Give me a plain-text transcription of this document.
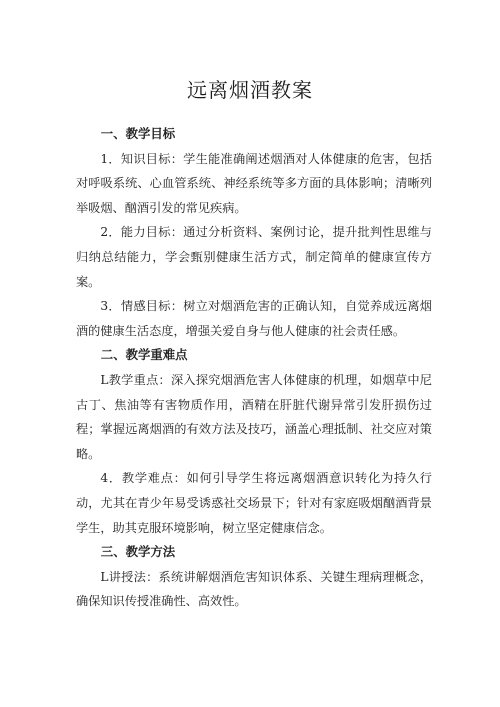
远离烟酒教案
一、教学目标

1．知识目标：学生能准确阐述烟酒对人体健康的危害，包括对呼吸系统、心血管系统、神经系统等多方面的具体影响；清晰列举吸烟、酗酒引发的常见疾病。

2．能力目标：通过分析资料、案例讨论，提升批判性思维与归纳总结能力，学会甄别健康生活方式，制定简单的健康宣传方案。

3．情感目标：树立对烟酒危害的正确认知，自觉养成远离烟酒的健康生活态度，增强关爱自身与他人健康的社会责任感。

二、教学重难点

L教学重点：深入探究烟酒危害人体健康的机理，如烟草中尼古丁、焦油等有害物质作用，酒精在肝脏代谢异常引发肝损伤过程；掌握远离烟酒的有效方法及技巧，涵盖心理抵制、社交应对策略。

4．教学难点：如何引导学生将远离烟酒意识转化为持久行动，尤其在青少年易受诱惑社交场景下；针对有家庭吸烟酗酒背景学生，助其克服环境影响，树立坚定健康信念。

三、教学方法

L讲授法：系统讲解烟酒危害知识体系、关键生理病理概念，确保知识传授准确性、高效性。
